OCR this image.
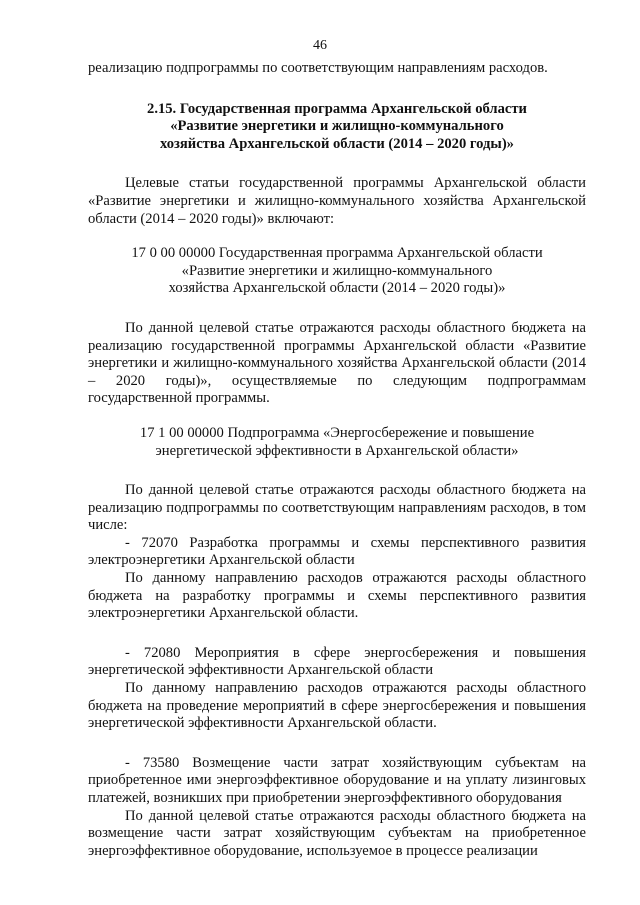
46

реализацию подпрограммы по соответствующим направлениям расходов.

2.15. Государственная программа Архангельской области
«Развитие энергетики и жилищно-коммунального
хозяйства Архангельской области (2014 – 2020 годы)»

Целевые статьи государственной программы Архангельской области «Развитие энергетики и жилищно-коммунального хозяйства Архангельской области (2014 – 2020 годы)» включают:

17 0 00 00000 Государственная программа Архангельской области
«Развитие энергетики и жилищно-коммунального
хозяйства Архангельской области (2014 – 2020 годы)»

По данной целевой статье отражаются расходы областного бюджета на реализацию государственной программы Архангельской области «Развитие энергетики и жилищно-коммунального хозяйства Архангельской области (2014 – 2020 годы)», осуществляемые по следующим подпрограммам государственной программы.

17 1 00 00000 Подпрограмма «Энергосбережение и повышение
энергетической эффективности в Архангельской области»

По данной целевой статье отражаются расходы областного бюджета на реализацию подпрограммы по соответствующим направлениям расходов, в том числе:

- 72070 Разработка программы и схемы перспективного развития электроэнергетики Архангельской области

По данному направлению расходов отражаются расходы областного бюджета на разработку программы и схемы перспективного развития электроэнергетики Архангельской области.

- 72080 Мероприятия в сфере энергосбережения и повышения энергетической эффективности Архангельской области

По данному направлению расходов отражаются расходы областного бюджета на проведение мероприятий в сфере энергосбережения и повышения энергетической эффективности Архангельской области.

- 73580 Возмещение части затрат хозяйствующим субъектам на приобретенное ими энергоэффективное оборудование и на уплату лизинговых платежей, возникших при приобретении энергоэффективного оборудования

По данной целевой статье отражаются расходы областного бюджета на возмещение части затрат хозяйствующим субъектам на приобретенное энергоэффективное оборудование, используемое в процессе реализации
